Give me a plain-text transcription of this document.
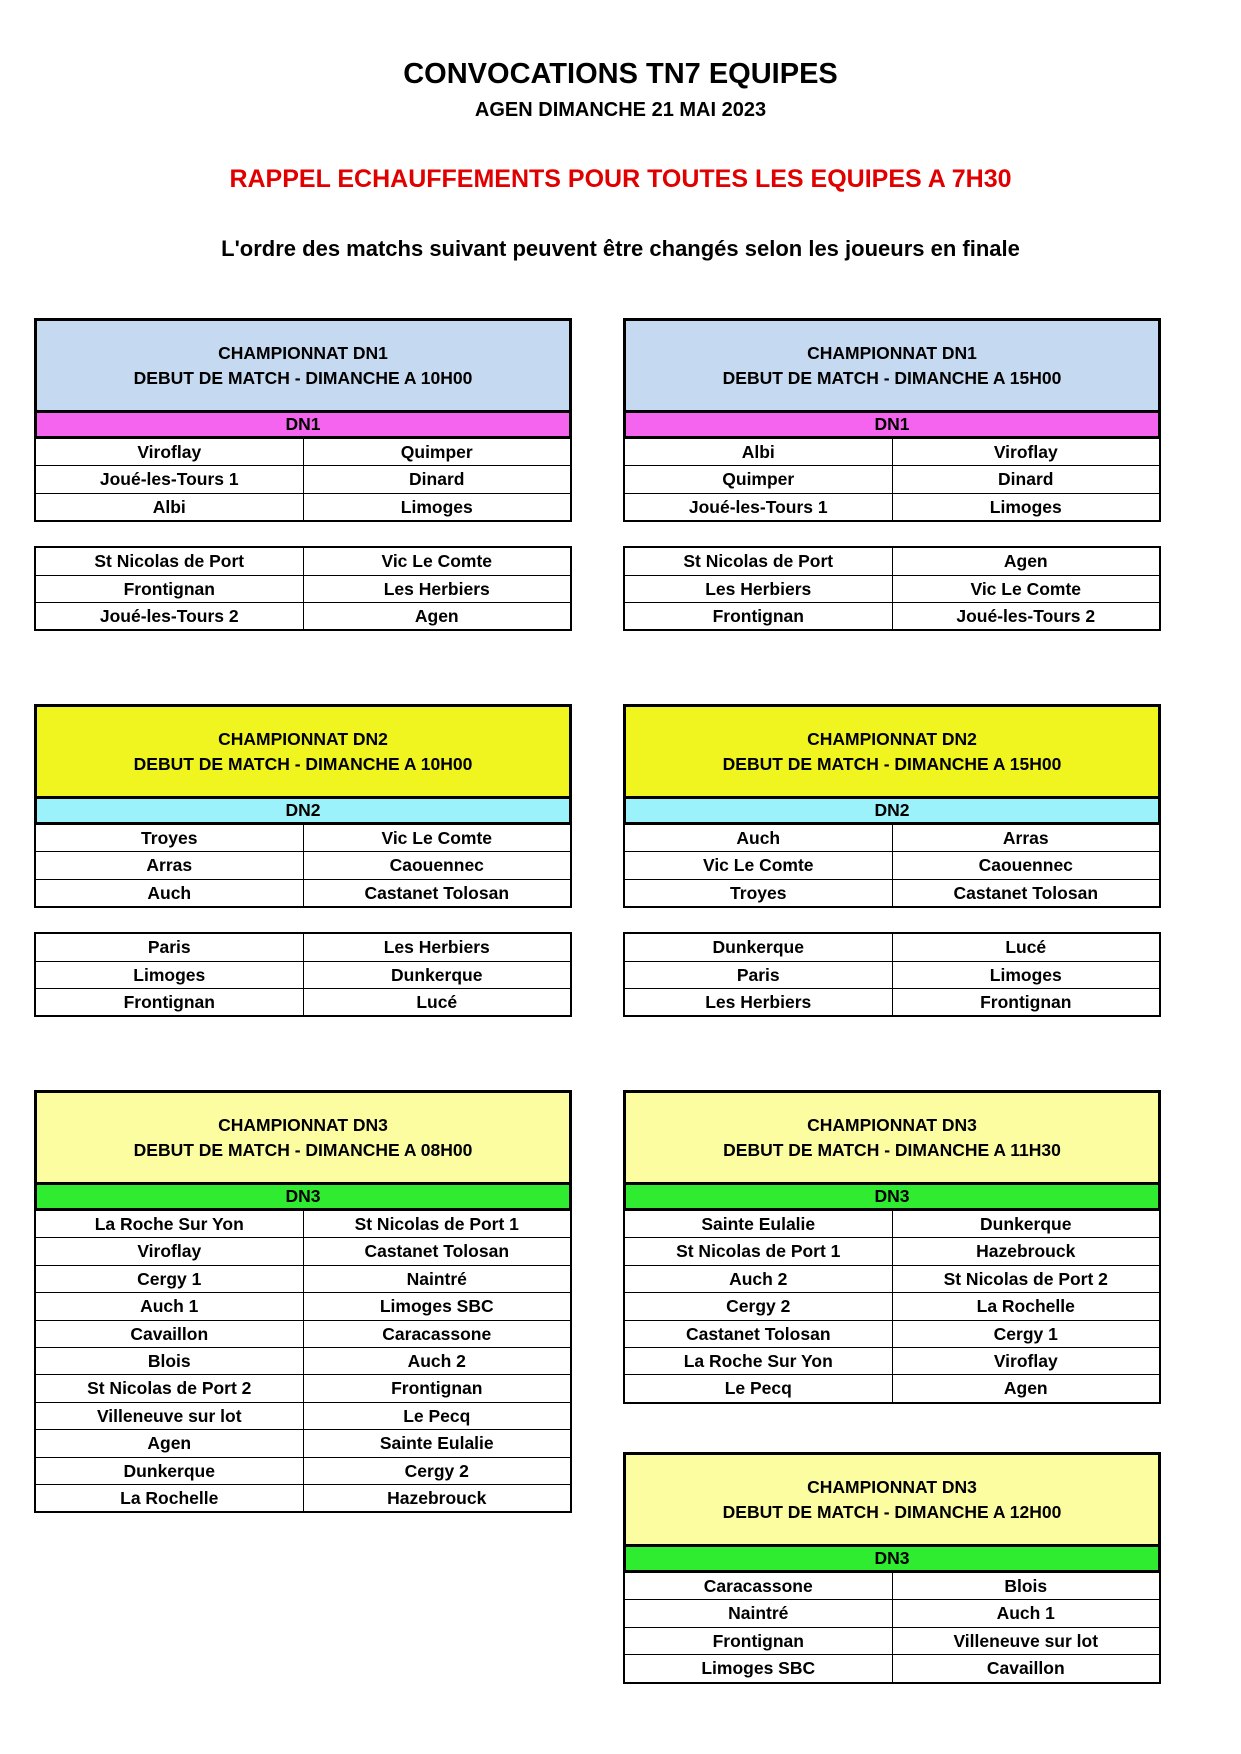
CONVOCATIONS TN7 EQUIPES
AGEN DIMANCHE 21 MAI 2023
RAPPEL ECHAUFFEMENTS POUR TOUTES LES EQUIPES A 7H30
L'ordre des matchs suivant peuvent être changés selon les joueurs en finale
CHAMPIONNAT DN1
DEBUT DE MATCH - DIMANCHE A 10H00
DN1
Viroflay	Quimper
Joué-les-Tours 1	Dinard
Albi	Limoges
St Nicolas de Port	Vic Le Comte
Frontignan	Les Herbiers
Joué-les-Tours 2	Agen
CHAMPIONNAT DN1
DEBUT DE MATCH - DIMANCHE A 15H00
DN1
Albi	Viroflay
Quimper	Dinard
Joué-les-Tours 1	Limoges
St Nicolas de Port	Agen
Les Herbiers	Vic Le Comte
Frontignan	Joué-les-Tours 2
CHAMPIONNAT DN2
DEBUT DE MATCH - DIMANCHE A 10H00
DN2
Troyes	Vic Le Comte
Arras	Caouennec
Auch	Castanet Tolosan
Paris	Les Herbiers
Limoges	Dunkerque
Frontignan	Lucé
CHAMPIONNAT DN2
DEBUT DE MATCH - DIMANCHE A 15H00
DN2
Auch	Arras
Vic Le Comte	Caouennec
Troyes	Castanet Tolosan
Dunkerque	Lucé
Paris	Limoges
Les Herbiers	Frontignan
CHAMPIONNAT DN3
DEBUT DE MATCH - DIMANCHE A 08H00
DN3
La Roche Sur Yon	St Nicolas de Port 1
Viroflay	Castanet Tolosan
Cergy 1	Naintré
Auch 1	Limoges SBC
Cavaillon	Caracassone
Blois	Auch 2
St Nicolas de Port 2	Frontignan
Villeneuve sur lot	Le Pecq
Agen	Sainte Eulalie
Dunkerque	Cergy 2
La Rochelle	Hazebrouck
CHAMPIONNAT DN3
DEBUT DE MATCH - DIMANCHE A 11H30
DN3
Sainte Eulalie	Dunkerque
St Nicolas de Port 1	Hazebrouck
Auch 2	St Nicolas de Port 2
Cergy 2	La Rochelle
Castanet Tolosan	Cergy 1
La Roche Sur Yon	Viroflay
Le Pecq	Agen
CHAMPIONNAT DN3
DEBUT DE MATCH - DIMANCHE A 12H00
DN3
Caracassone	Blois
Naintré	Auch 1
Frontignan	Villeneuve sur lot
Limoges SBC	Cavaillon
